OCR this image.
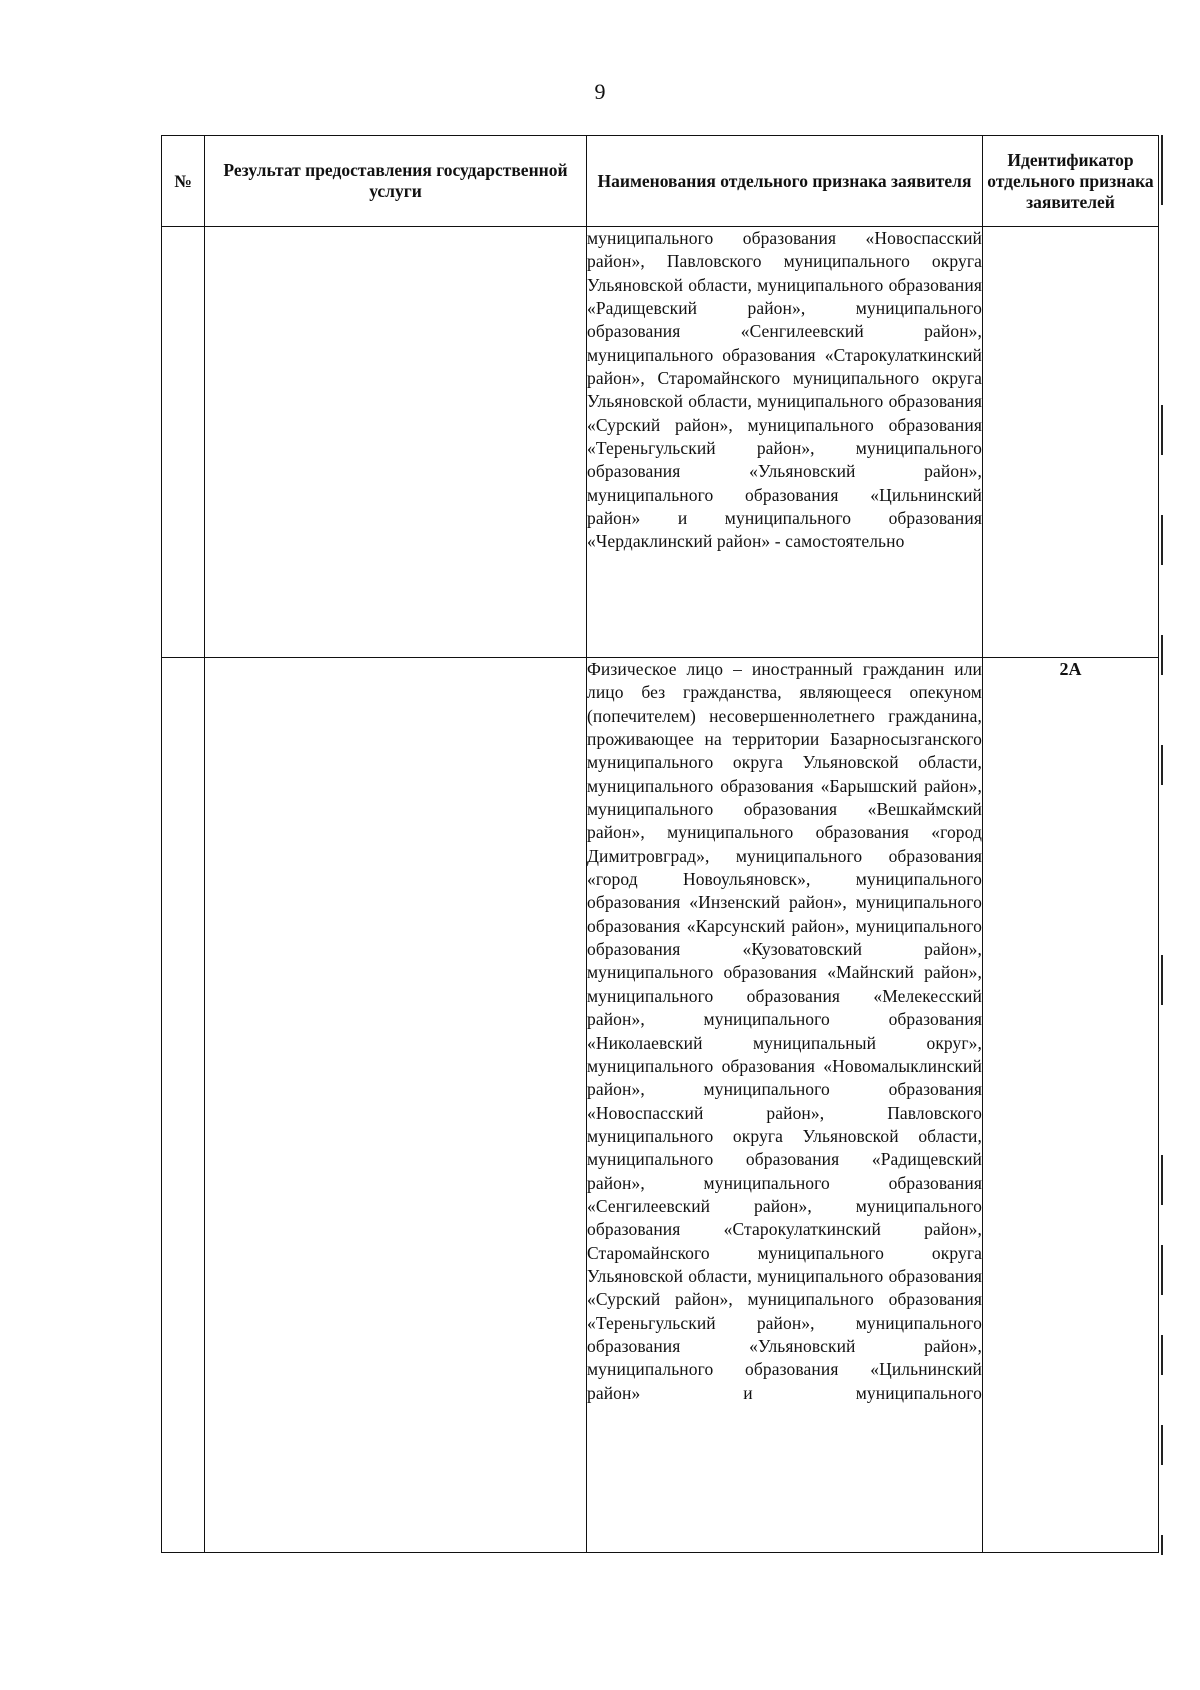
9
№	Результат предоставления государственной услуги	Наименования отдельного признака заявителя	Идентификатор отдельного признака заявителей

		муниципального образования «Новоспасский район», Павловского муниципального округа Ульяновской области, муниципального образования «Радищевский район», муниципального образования «Сенгилеевский район», муниципального образования «Старокулаткинский район», Старомайнского муниципального округа Ульяновской области, муниципального образования «Сурский район», муниципального образования «Тереньгульский район», муниципального образования «Ульяновский район», муниципального образования «Цильнинский район» и муниципального образования «Чердаклинский район» - самостоятельно	

		Физическое лицо – иностранный гражданин или лицо без гражданства, являющееся опекуном (попечителем) несовершеннолетнего гражданина, проживающее на территории Базарносызганского муниципального округа Ульяновской области, муниципального образования «Барышский район», муниципального образования «Вешкаймский район», муниципального образования «город Димитровград», муниципального образования «город Новоульяновск», муниципального образования «Инзенский район», муниципального образования «Карсунский район», муниципального образования «Кузоватовский район», муниципального образования «Майнский район», муниципального образования «Мелекесский район», муниципального образования «Николаевский муниципальный округ», муниципального образования «Новомалыклинский район», муниципального образования «Новоспасский район», Павловского муниципального округа Ульяновской области, муниципального образования «Радищевский район», муниципального образования «Сенгилеевский район», муниципального образования «Старокулаткинский район», Старомайнского муниципального округа Ульяновской области, муниципального образования «Сурский район», муниципального образования «Тереньгульский район», муниципального образования «Ульяновский район», муниципального образования «Цильнинский район» и муниципального	2А
